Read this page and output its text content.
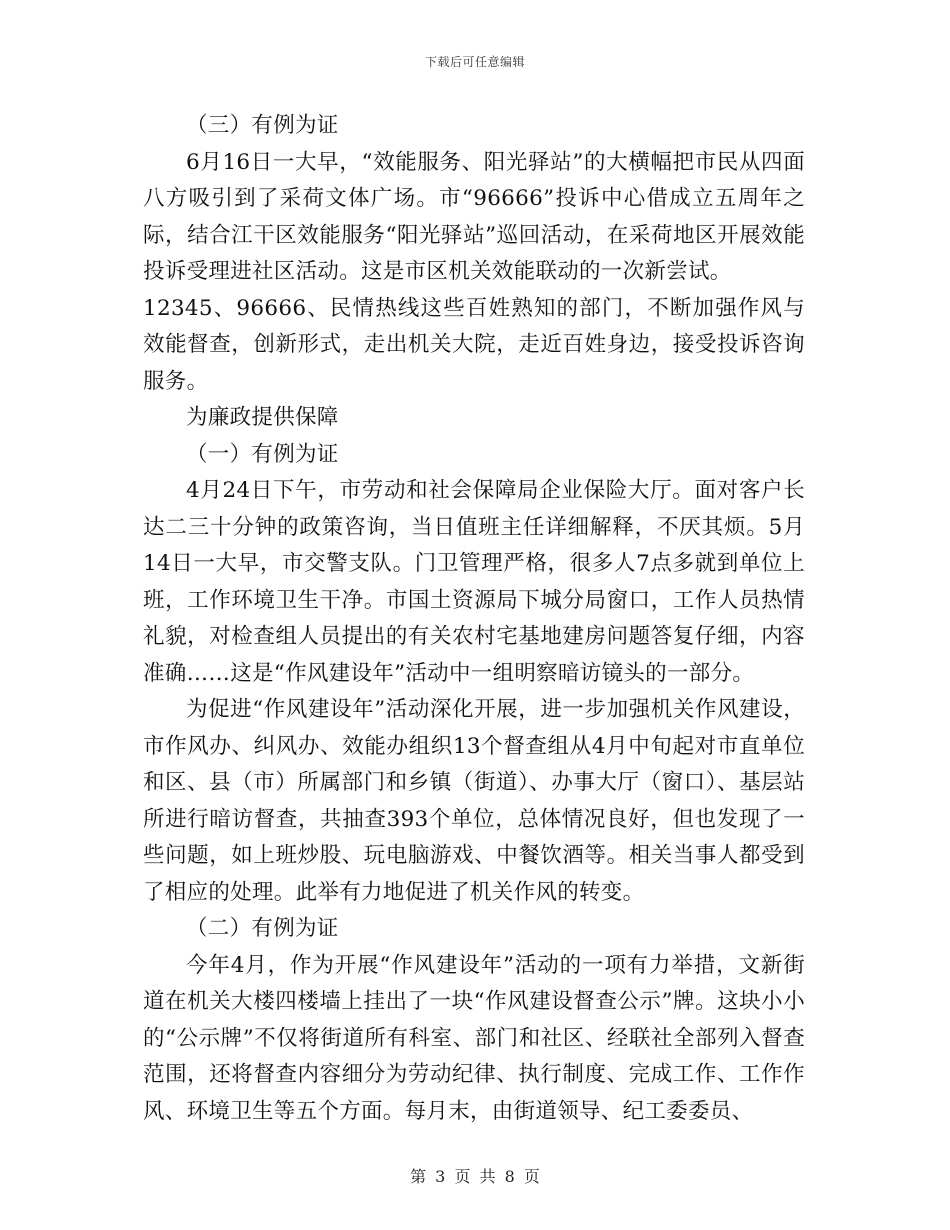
下载后可任意编辑

（三）有例为证

6月16日一大早，“效能服务、阳光驿站”的大横幅把市民从四面八方吸引到了采荷文体广场。市“96666”投诉中心借成立五周年之际，结合江干区效能服务“阳光驿站”巡回活动，在采荷地区开展效能投诉受理进社区活动。这是市区机关效能联动的一次新尝试。

12345、96666、民情热线这些百姓熟知的部门，不断加强作风与效能督查，创新形式，走出机关大院，走近百姓身边，接受投诉咨询服务。

为廉政提供保障

（一）有例为证

4月24日下午，市劳动和社会保障局企业保险大厅。面对客户长达二三十分钟的政策咨询，当日值班主任详细解释，不厌其烦。5月14日一大早，市交警支队。门卫管理严格，很多人7点多就到单位上班，工作环境卫生干净。市国土资源局下城分局窗口，工作人员热情礼貌，对检查组人员提出的有关农村宅基地建房问题答复仔细，内容准确……这是“作风建设年”活动中一组明察暗访镜头的一部分。

为促进“作风建设年”活动深化开展，进一步加强机关作风建设，市作风办、纠风办、效能办组织13个督查组从4月中旬起对市直单位和区、县（市）所属部门和乡镇（街道）、办事大厅（窗口）、基层站所进行暗访督查，共抽查393个单位，总体情况良好，但也发现了一些问题，如上班炒股、玩电脑游戏、中餐饮酒等。相关当事人都受到了相应的处理。此举有力地促进了机关作风的转变。

（二）有例为证

今年4月，作为开展“作风建设年”活动的一项有力举措，文新街道在机关大楼四楼墙上挂出了一块“作风建设督查公示”牌。这块小小的“公示牌”不仅将街道所有科室、部门和社区、经联社全部列入督查范围，还将督查内容细分为劳动纪律、执行制度、完成工作、工作作风、环境卫生等五个方面。每月末，由街道领导、纪工委委员、

第 3 页 共 8 页
